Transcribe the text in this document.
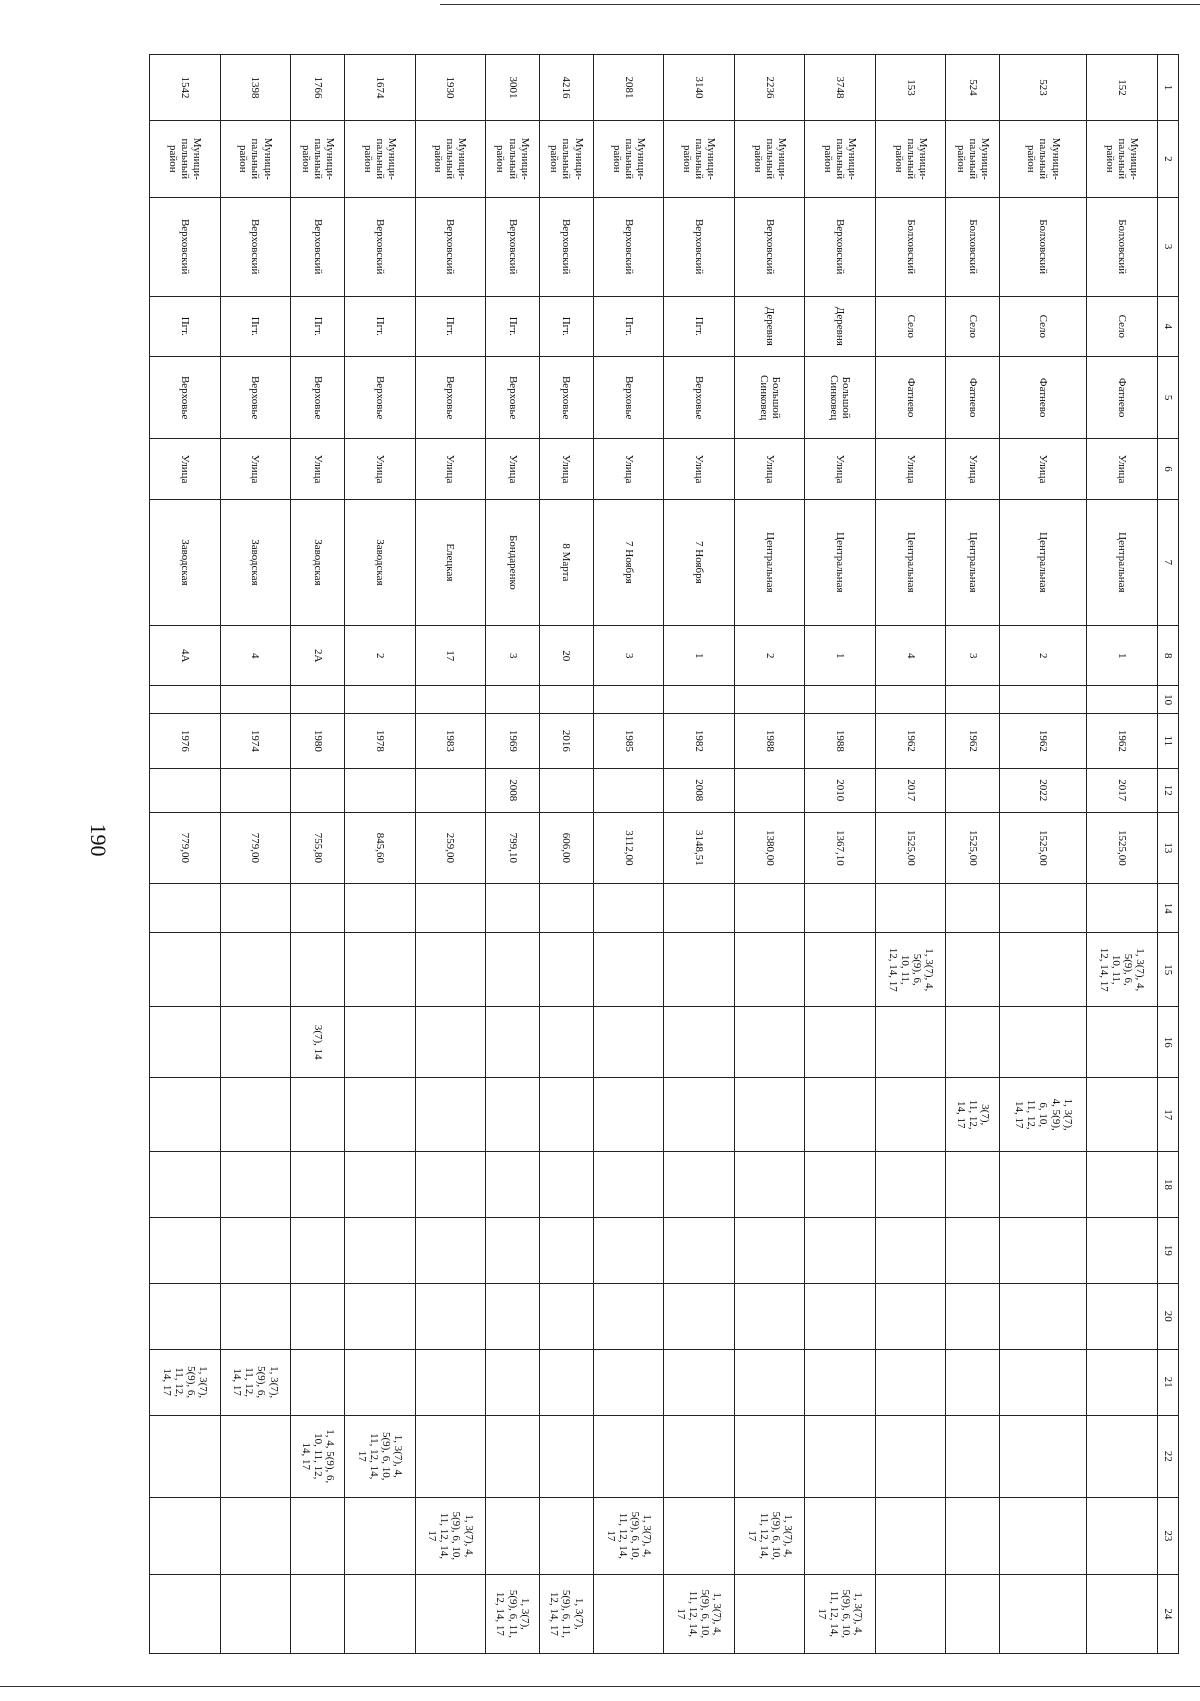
190
1	2	3	4	5	6	7	8	10	11	12	13	14	15	16	17	18	19	20	21	22	23	24
152	Муници-
пальный
район	Болховский	Село	Фатнево	Улица	Центральная	1		1962	2017	1525,00		1, 3(7), 4,
5(9), 6,
10, 11,
12, 14, 17									
523	Муници-
пальный
район	Болховский	Село	Фатнево	Улица	Центральная	2		1962	2022	1525,00				1, 3(7),
4, 5(9),
6, 10,
11, 12,
14, 17							
524	Муници-
пальный
район	Болховский	Село	Фатнево	Улица	Центральная	3		1962		1525,00				3(7),
11, 12,
14, 17							
153	Муници-
пальный
район	Болховский	Село	Фатнево	Улица	Центральная	4		1962	2017	1525,00		1, 3(7), 4,
5(9), 6,
10, 11,
12, 14, 17									
3748	Муници-
пальный
район	Верховский	Деревня	Большой
Синковец	Улица	Центральная	1		1988	2010	1367,10											1, 3(7), 4,
5(9), 6, 10,
11, 12, 14,
17
2236	Муници-
пальный
район	Верховский	Деревня	Большой
Синковец	Улица	Центральная	2		1988		1380,00										1, 3(7), 4,
5(9), 6, 10,
11, 12, 14,
17	
3140	Муници-
пальный
район	Верховский	Пгт.	Верховье	Улица	7 Ноября	1		1982	2008	3148,51											1, 3(7), 4,
5(9), 6, 10,
11, 12, 14,
17
2081	Муници-
пальный
район	Верховский	Пгт.	Верховье	Улица	7 Ноября	3		1985		3112,00										1, 3(7), 4,
5(9), 6, 10,
11, 12, 14,
17	
4216	Муници-
пальный
район	Верховский	Пгт.	Верховье	Улица	8 Марта	20		2016		606,00											1, 3(7),
5(9), 6, 11,
12, 14, 17
3001	Муници-
пальный
район	Верховский	Пгт.	Верховье	Улица	Бондаренко	3		1969	2008	799,10											1, 3(7),
5(9), 6, 11,
12, 14, 17
1930	Муници-
пальный
район	Верховский	Пгт.	Верховье	Улица	Елецкая	17		1983		259,00										1, 3(7), 4,
5(9), 6, 10,
11, 12, 14,
17	
1674	Муници-
пальный
район	Верховский	Пгт.	Верховье	Улица	Заводская	2		1978		845,60									1, 3(7), 4,
5(9), 6, 10,
11, 12, 14,
17		
1766	Муници-
пальный
район	Верховский	Пгт.	Верховье	Улица	Заводская	2А		1980		755,80			3(7), 14						1, 4, 5(9), 6,
10, 11, 12,
14, 17		
1398	Муници-
пальный
район	Верховский	Пгт.	Верховье	Улица	Заводская	4		1974		779,00								1, 3(7),
5(9), 6,
11, 12,
14, 17			
1542	Муници-
пальный
район	Верховский	Пгт.	Верховье	Улица	Заводская	4А		1976		779,00								1, 3(7),
5(9), 6,
11, 12,
14, 17			
